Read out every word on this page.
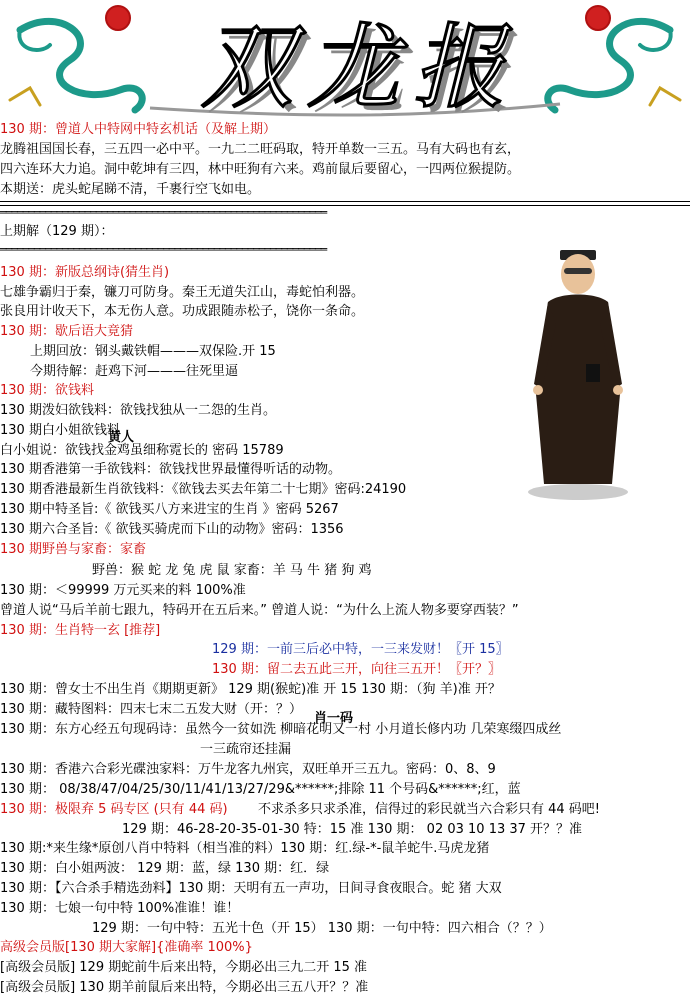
双龙报
══════════════════════════════════════════════════════════
══════════════════════════════════════════════════════════
130 期：曾道人中特网中特玄机话（及解上期）
龙腾祖国国长春，三五四一必中平。一九二二旺码取，特开单数一三五。马有大码也有玄，
四六连环大力追。洞中乾坤有三四，林中旺狗有六来。鸡前鼠后要留心，一四两位猴提防。
本期送：虎头蛇尾睇不清，千裹行空飞如电。
上期解（129 期）：
130 期：新版总纲诗(猜生肖)
七雄争霸归于秦，镰刀可防身。秦王无道失江山，毒蛇怕利器。
张良用计收天下，本无伤人意。功成跟随赤松子，饶你一条命。
130 期：歇后语大竟猜
上期回放：钢头戴铁帽———双保险.开 15
今期待解：赶鸡下河———往死里逼
130 期：欲钱料
130 期泼妇欲钱料：欲钱找独从一二怨的生肖。
130 期白小姐欲钱料
白小姐说：欲钱找金鸡虽细称霓长的 密码 15789
130 期香港第一手欲钱料：欲钱找世界最懂得听话的动物。
130 期香港最新生肖欲钱料：《欲钱去买去年第二十七期》密码:24190
130 期中特圣旨:《 欲钱买八方来进宝的生肖 》密码 5267
130 期六合圣旨:《 欲钱买骑虎而下山的动物》密码：1356
130 期野兽与家畜：家畜
野兽：猴 蛇 龙 兔 虎 鼠 家畜：羊 马 牛 猪 狗 鸡
130 期：＜99999 万元买来的料 100%准
曾道人说“马后羊前七跟九，特码开在五后来。” 曾道人说：“为什么上流人物多要穿西装？”
130 期：生肖特一玄 [推荐]
129 期：一前三后必中特，一三来发财！〖开 15〗
130 期：留二去五此三开，向往三五开！〖开？〗
130 期：曾女士不出生肖《期期更新》 129 期(猴蛇)准 开 15 130 期：（狗 羊)准 开？
130 期：藏特图料：四末七末二五发大财（开：？）
130 期：东方心经五句现码诗：虽然今一贫如洗 柳暗花明又一村 小月道长修内功 几荣寒缀四成丝
一三疏帘还挂漏
130 期：香港六合彩光碟浊家料：万牛龙客九州宾，双旺单开三五九。密码：0、8、9
130 期： 08/38/47/04/25/30/11/41/13/27/29&******;排除 11 个号码&******;红，蓝
130 期：极限弃 5 码专区 (只有 44 码) 不求杀多只求杀准，信得过的彩民就当六合彩只有 44 码吧!
129 期：46-28-20-35-01-30 特：15 准 130 期： 02 03 10 13 37 开？？准
130 期:*来生缘*原创八肖中特料（相当准的料）130 期：红.绿-*-鼠羊蛇牛.马虎龙猪
130 期：白小姐两波： 129 期：蓝，绿 130 期：红．绿
130 期：【六合杀手精选劲料】130 期：天明有五一声功，日间寻食夜眼合。蛇 猪 大双
130 期：七娘一句中特 100%准谁！谁！
129 期：一句中特：五光十色（开 15） 130 期：一句中特：四六相合（？？）
高级会员版[130 期大家解]{准确率 100%}
[高级会员版] 129 期蛇前牛后来出特，今期必出三九二开 15 准
[高级会员版] 130 期羊前鼠后来出特，今期必出三五八开？？准
黄人
肖一码
